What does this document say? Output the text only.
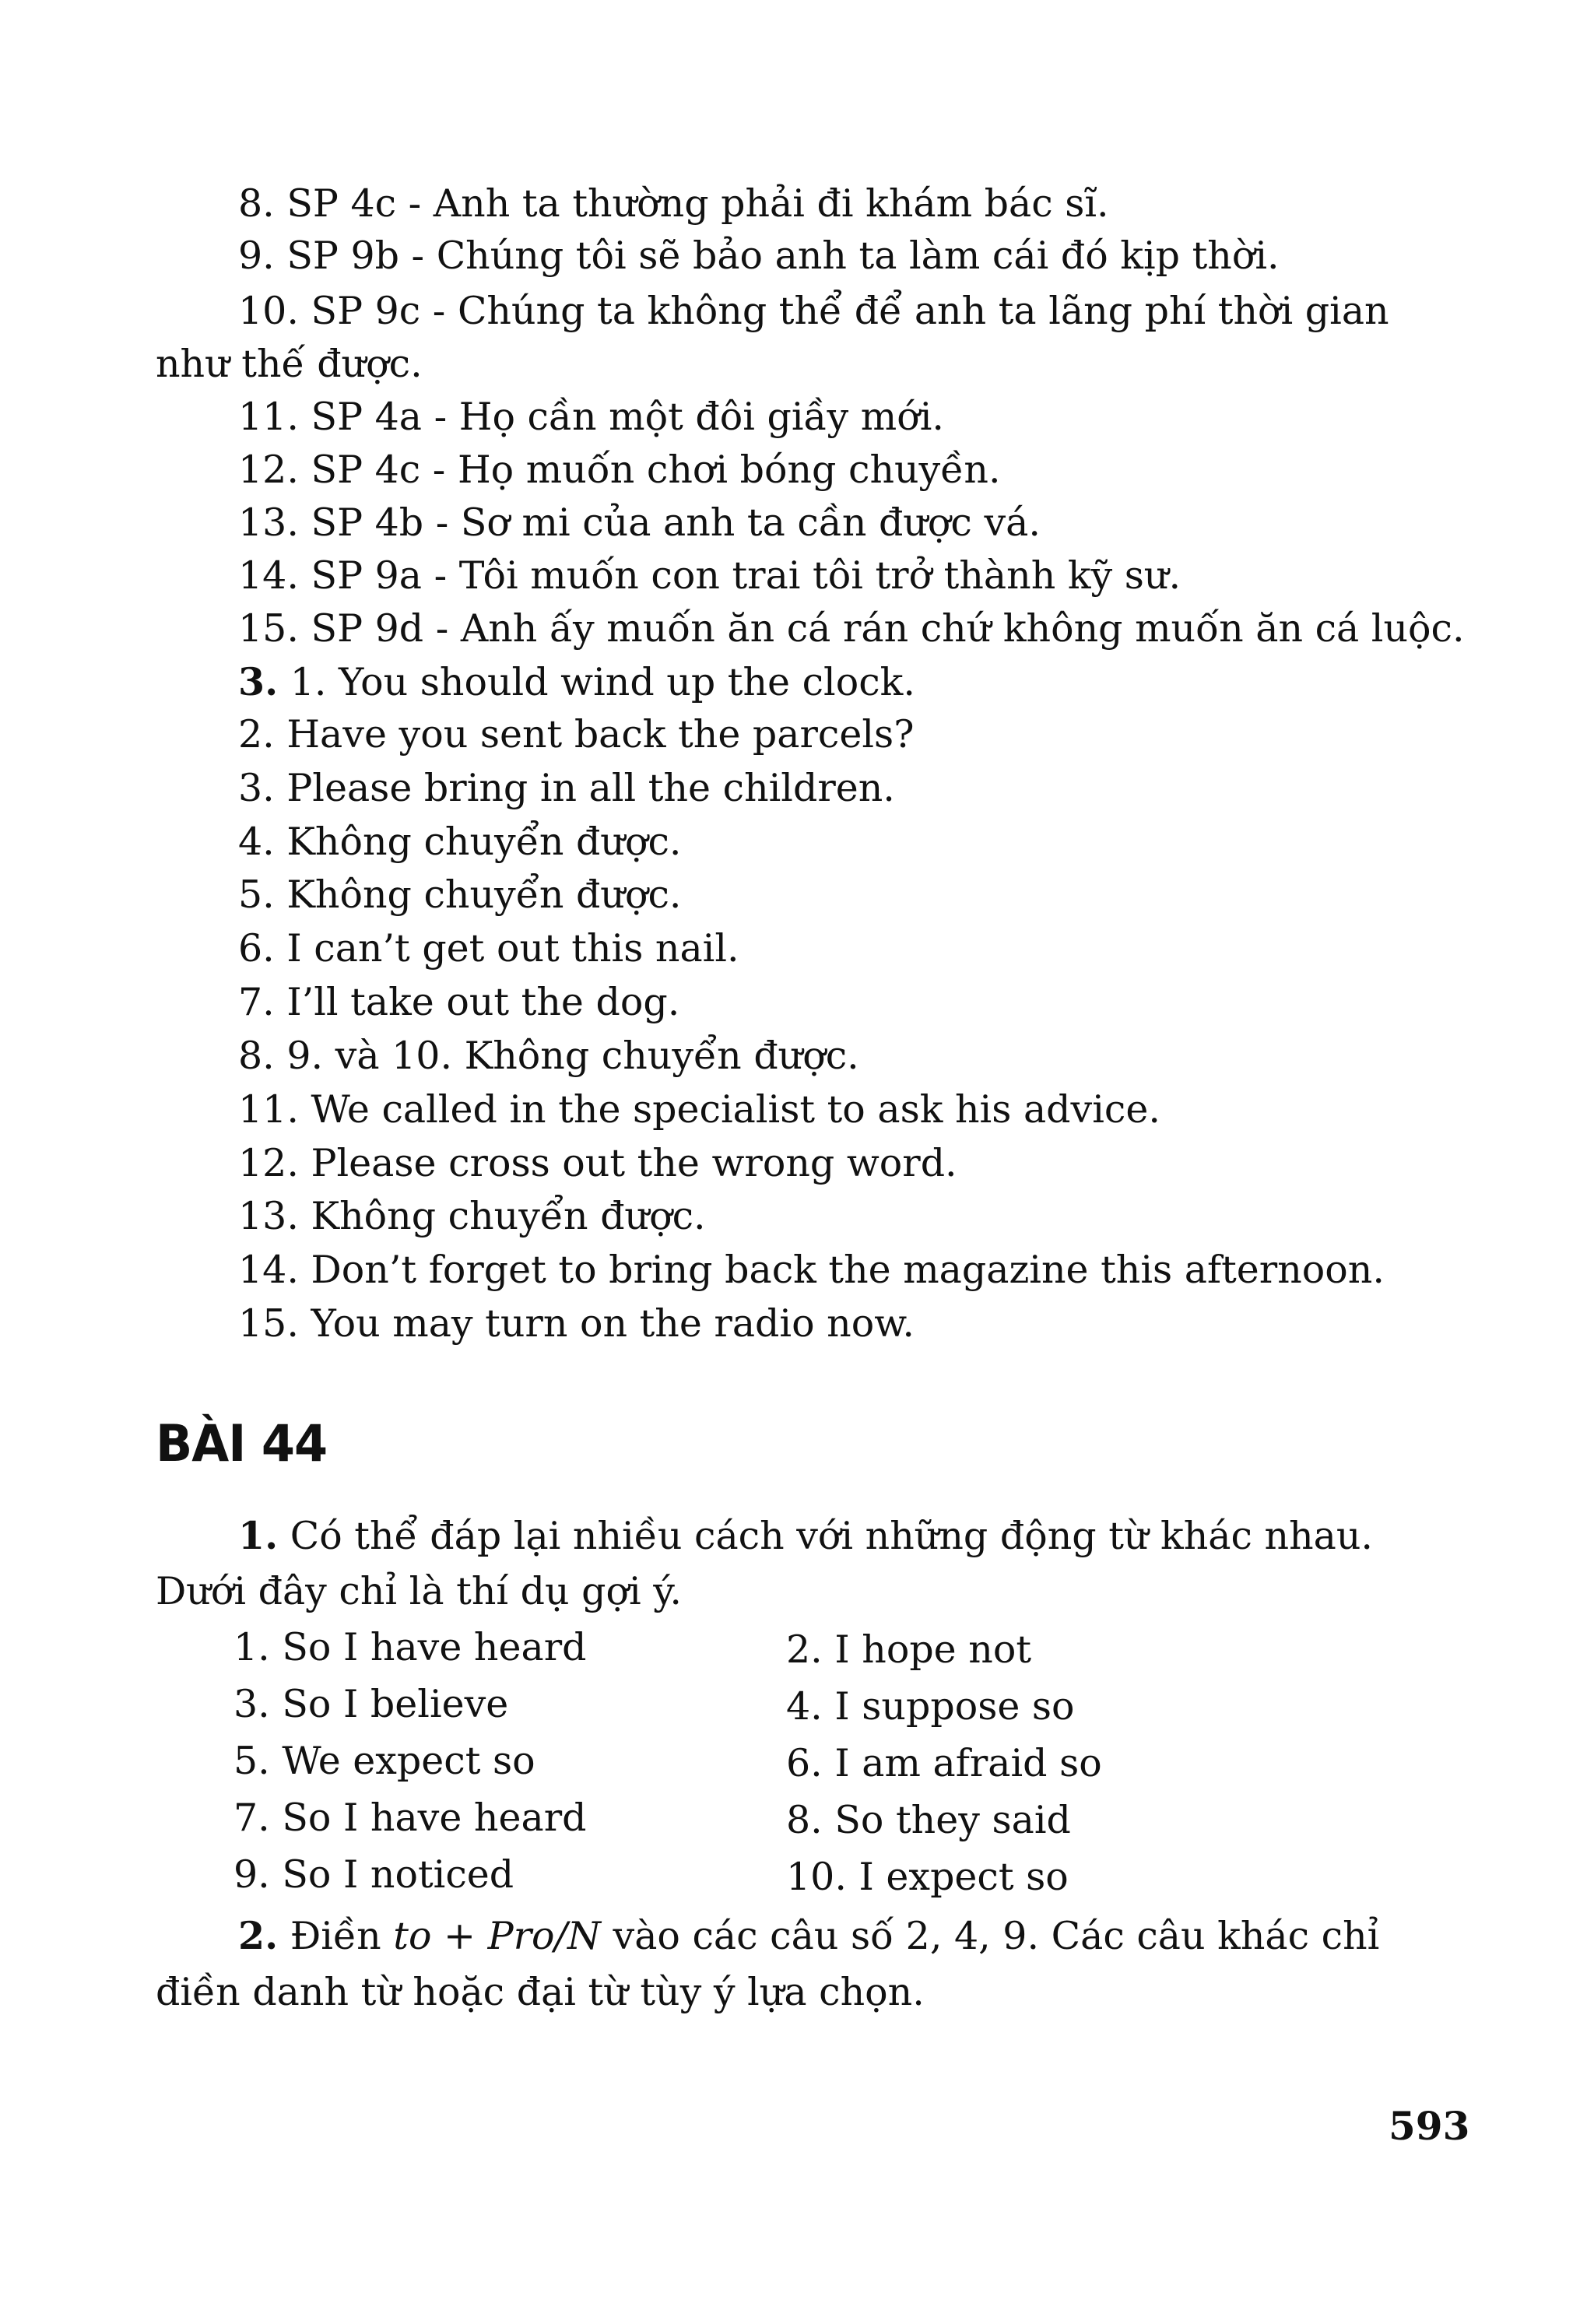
8. SP 4c - Anh ta thường phải đi khám bác sĩ.
9. SP 9b - Chúng tôi sẽ bảo anh ta làm cái đó kịp thời.
10. SP 9c - Chúng ta không thể để anh ta lãng phí thời gian
như thế được.
11. SP 4a - Họ cần một đôi giầy mới.
12. SP 4c - Họ muốn chơi bóng chuyền.
13. SP 4b - Sơ mi của anh ta cần được vá.
14. SP 9a - Tôi muốn con trai tôi trở thành kỹ sư.
15. SP 9d - Anh ấy muốn ăn cá rán chứ không muốn ăn cá luộc.
3. 1. You should wind up the clock.
2. Have you sent back the parcels?
3. Please bring in all the children.
4. Không chuyển được.
5. Không chuyển được.
6. I can’t get out this nail.
7. I’ll take out the dog.
8. 9. và 10. Không chuyển được.
11. We called in the specialist to ask his advice.
12. Please cross out the wrong word.
13. Không chuyển được.
14. Don’t forget to bring back the magazine this afternoon.
15. You may turn on the radio now.
BÀI 44
1. Có thể đáp lại nhiều cách với những động từ khác nhau.
Dưới đây chỉ là thí dụ gợi ý.
1. So I have heard	2. I hope not
3. So I believe	4. I suppose so
5. We expect so	6. I am afraid so
7. So I have heard	8. So they said
9. So I noticed	10. I expect so
2. Điền to + Pro/N vào các câu số 2, 4, 9. Các câu khác chỉ
điền danh từ hoặc đại từ tùy ý lựa chọn.
593
